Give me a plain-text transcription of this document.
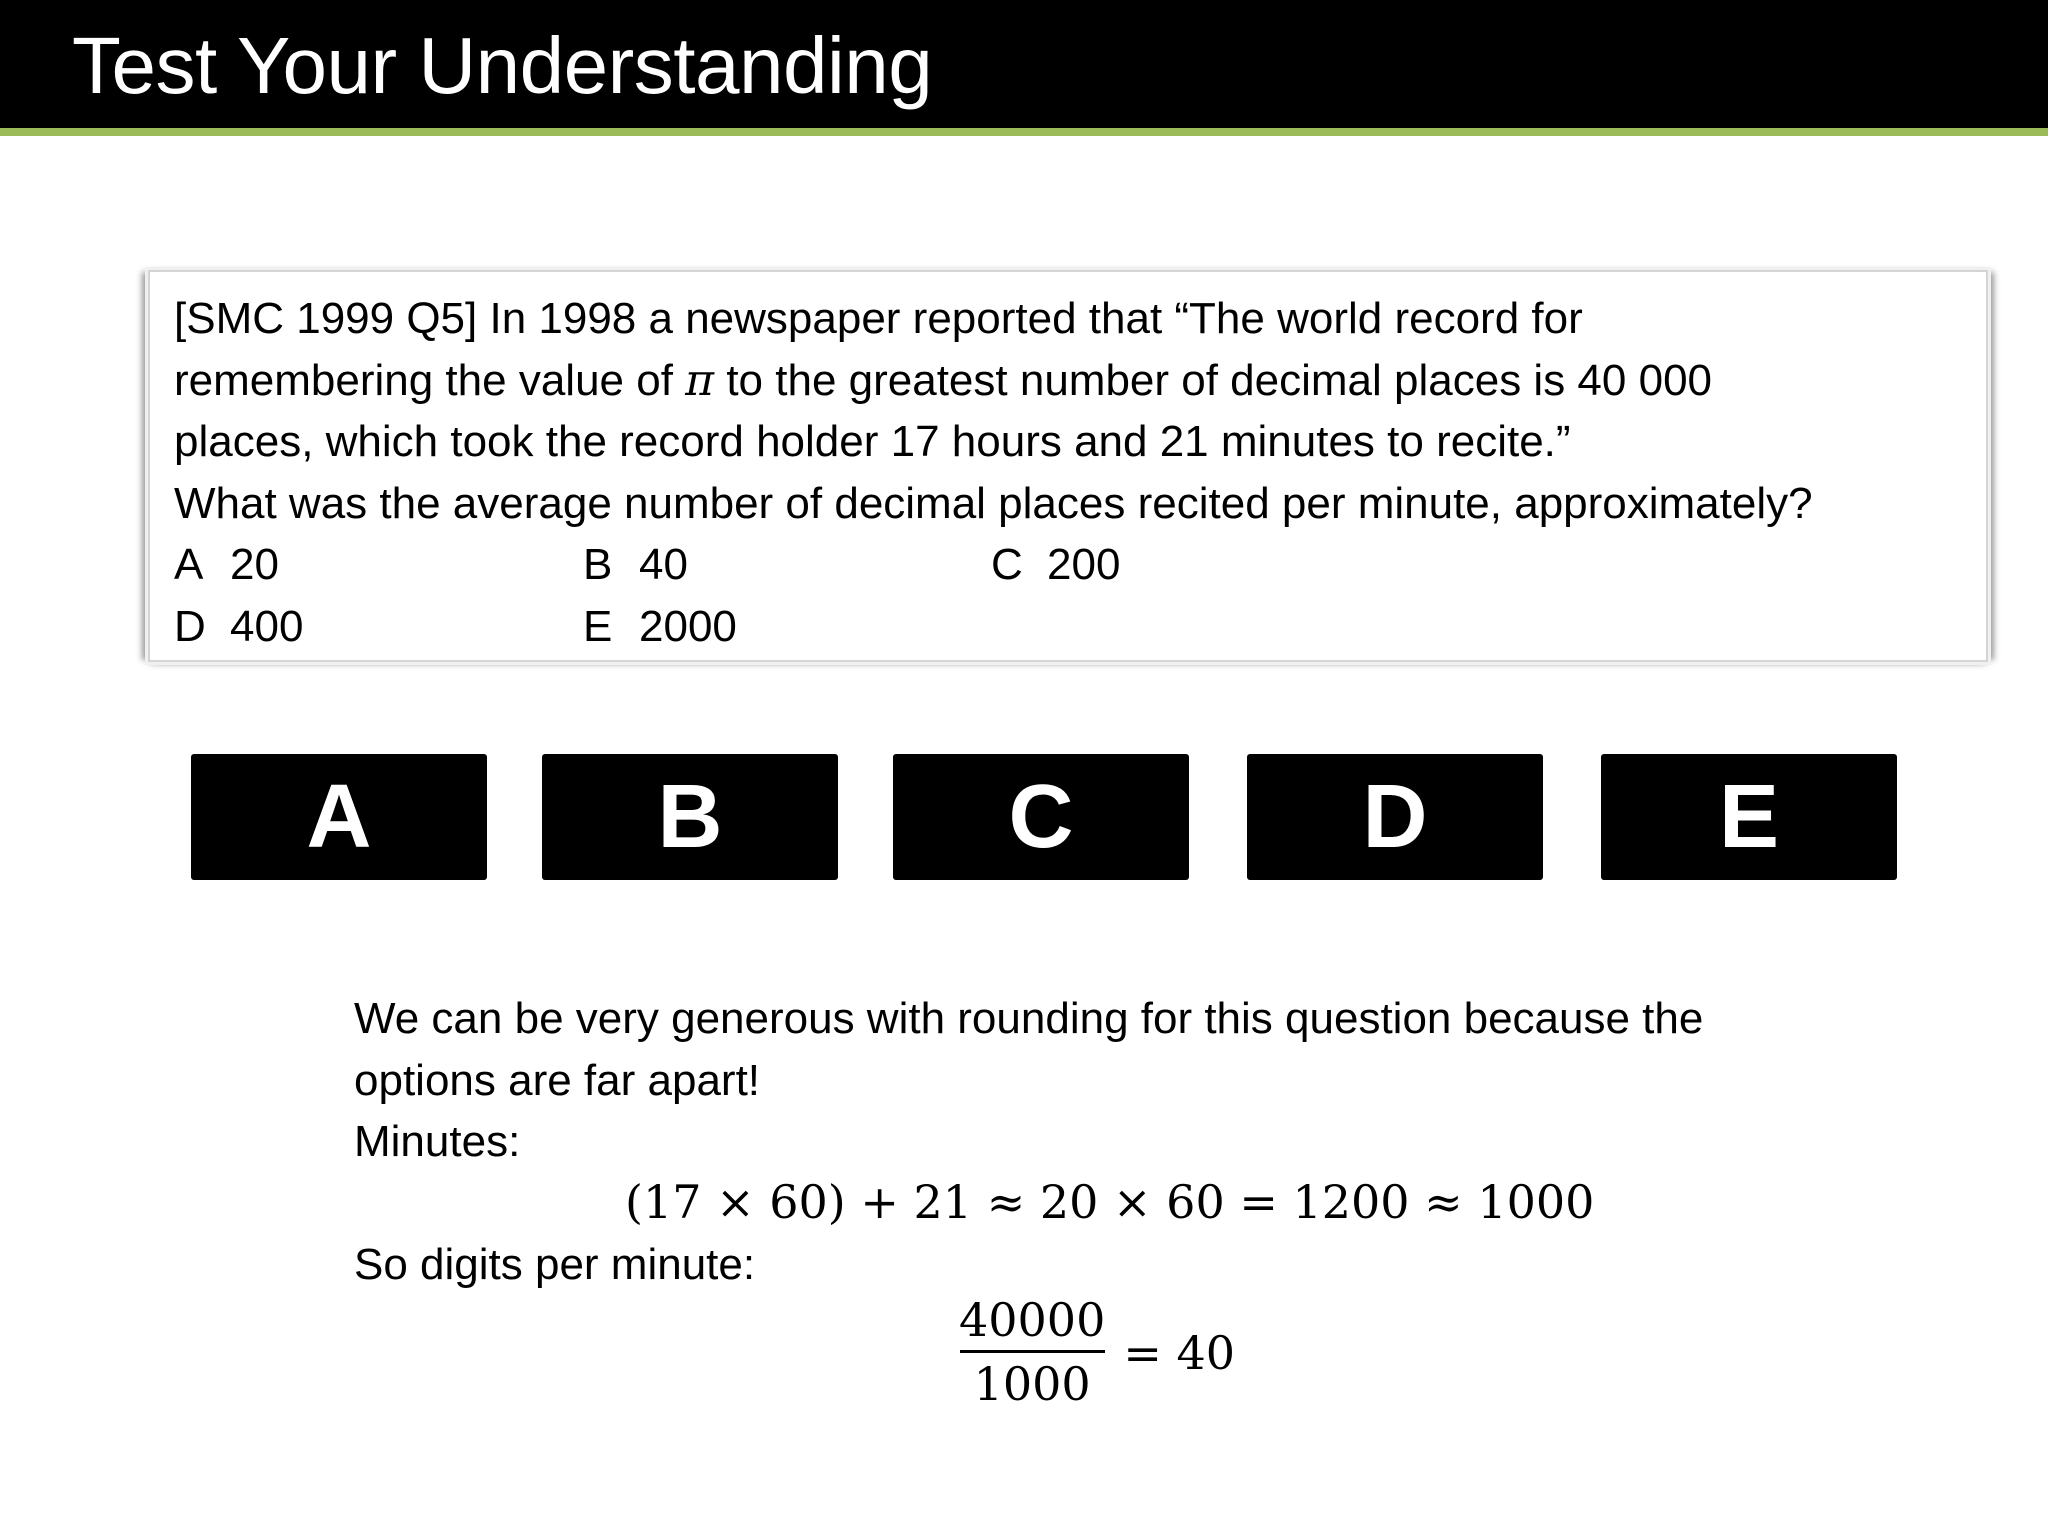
Test Your Understanding
[SMC 1999 Q5] In 1998 a newspaper reported that “The world record for
remembering the value of π to the greatest number of decimal places is 40 000
places, which took the record holder 17 hours and 21 minutes to recite.”
What was the average number of decimal places recited per minute, approximately?
A 20	B 40	C 200
D 400	E 2000
A	B	C	D	E
We can be very generous with rounding for this question because the
options are far apart!
Minutes:
So digits per minute:
(17 × 60) + 21 ≈ 20 × 60 = 1200 ≈ 1000
$\frac{40000}{1000} = 40$
